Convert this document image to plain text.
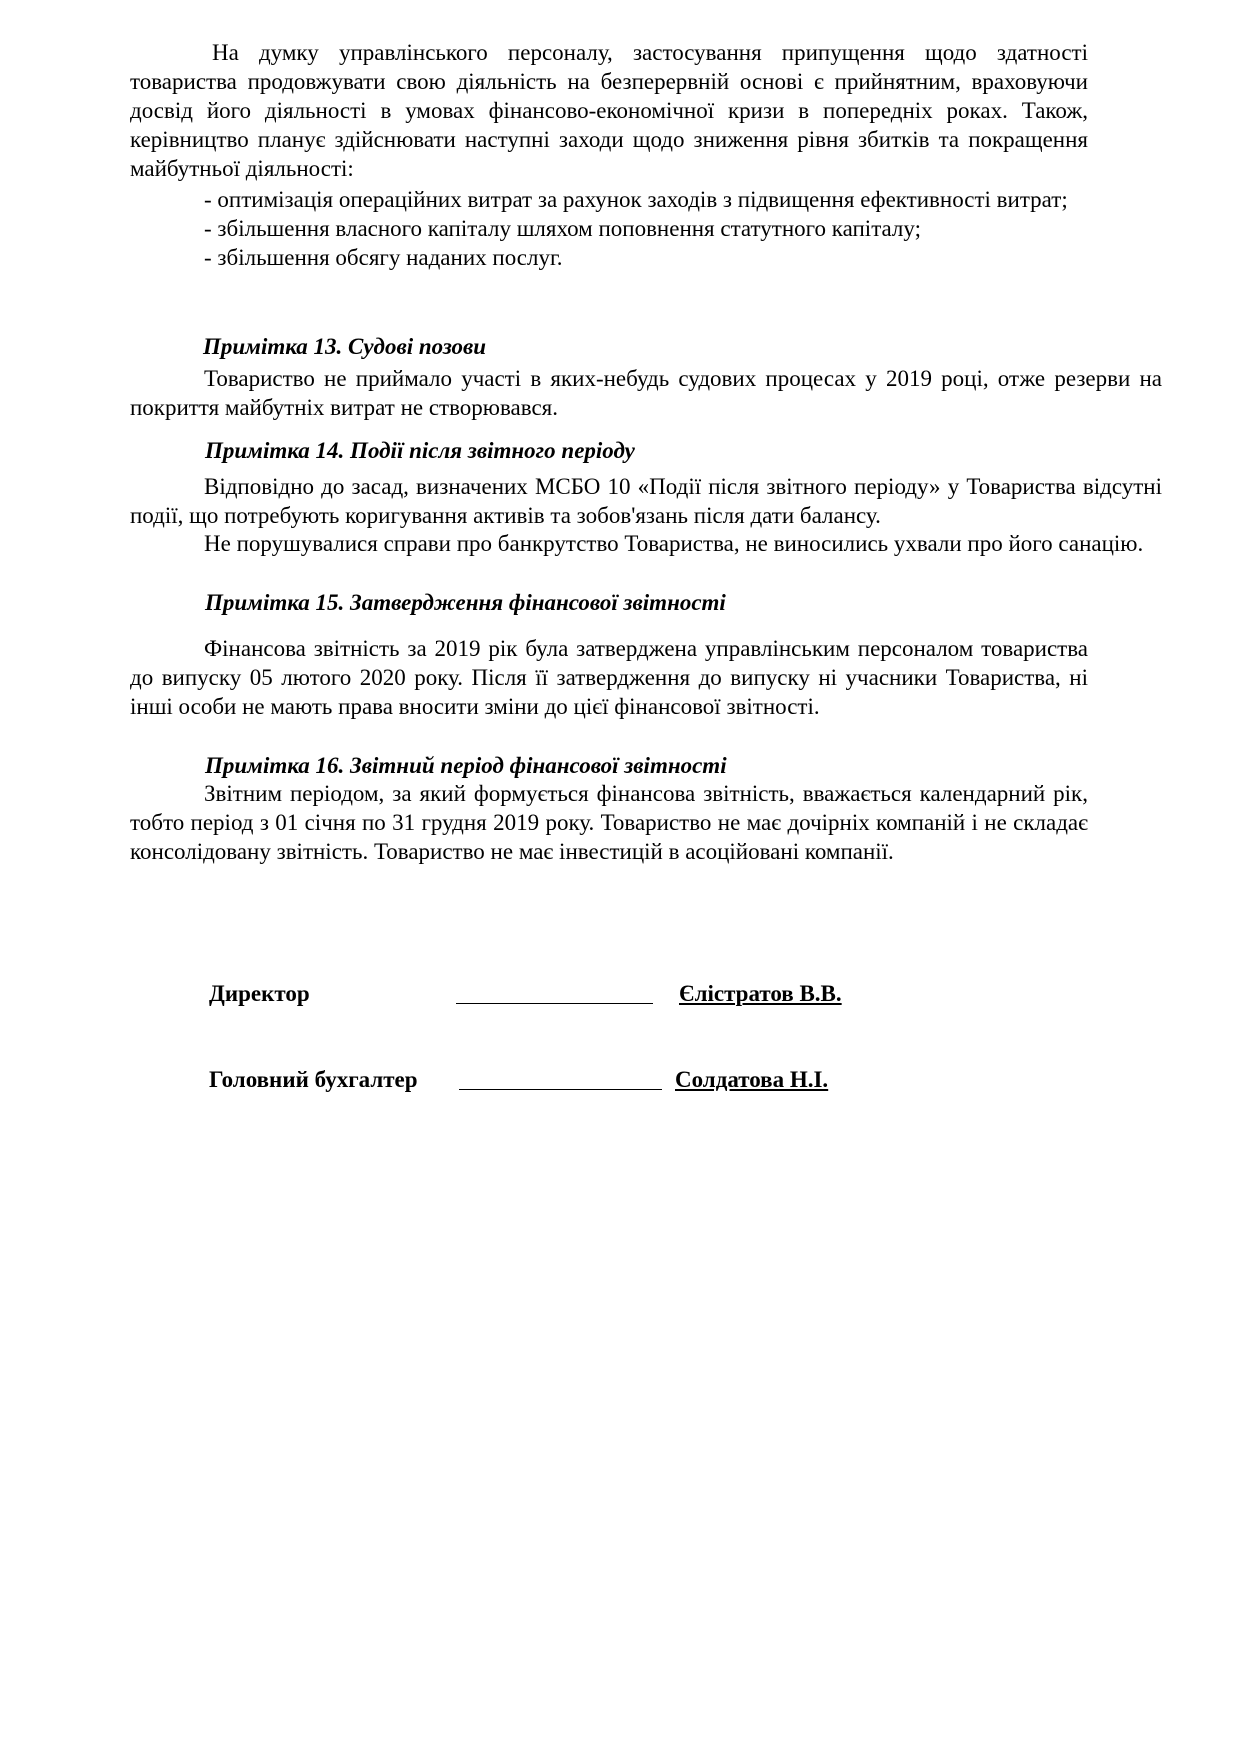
На думку управлінського персоналу, застосування припущення щодо здатності товариства продовжувати свою діяльність на безперервній основі є прийнятним, враховуючи досвід його діяльності в умовах фінансово-економічної кризи в попередніх роках. Також, керівництво планує здійснювати наступні заходи щодо зниження рівня збитків та покращення майбутньої діяльності:

- оптимізація операційних витрат за рахунок заходів з підвищення ефективності витрат;

- збільшення власного капіталу шляхом поповнення статутного капіталу;

- збільшення обсягу наданих послуг.

Примітка 13. Судові позови

Товариство не приймало участі в яких-небудь судових процесах у 2019 році, отже резерви на покриття майбутніх витрат не створювався.

Примітка 14. Події після звітного періоду

Відповідно до засад, визначених МСБО 10 «Події після звітного періоду» у Товариства відсутні події, що потребують коригування активів та зобов'язань після дати балансу.

Не порушувалися справи про банкрутство Товариства, не виносились ухвали про його санацію.

Примітка 15. Затвердження фінансової звітності

Фінансова звітність за 2019 рік була затверджена управлінським персоналом товариства до випуску 05 лютого 2020 року. Після її затвердження до випуску ні учасники Товариства, ні інші особи не мають права вносити зміни до цієї фінансової звітності.

Примітка 16. Звітний період фінансової звітності

Звітним періодом, за який формується фінансова звітність, вважається календарний рік, тобто період з 01 січня по 31 грудня 2019 року. Товариство не має дочірніх компаній і не складає консолідовану звітність. Товариство не має інвестицій в асоційовані компанії.

Директор	Єлістратов В.В.
Головний бухгалтер	Солдатова Н.І.
